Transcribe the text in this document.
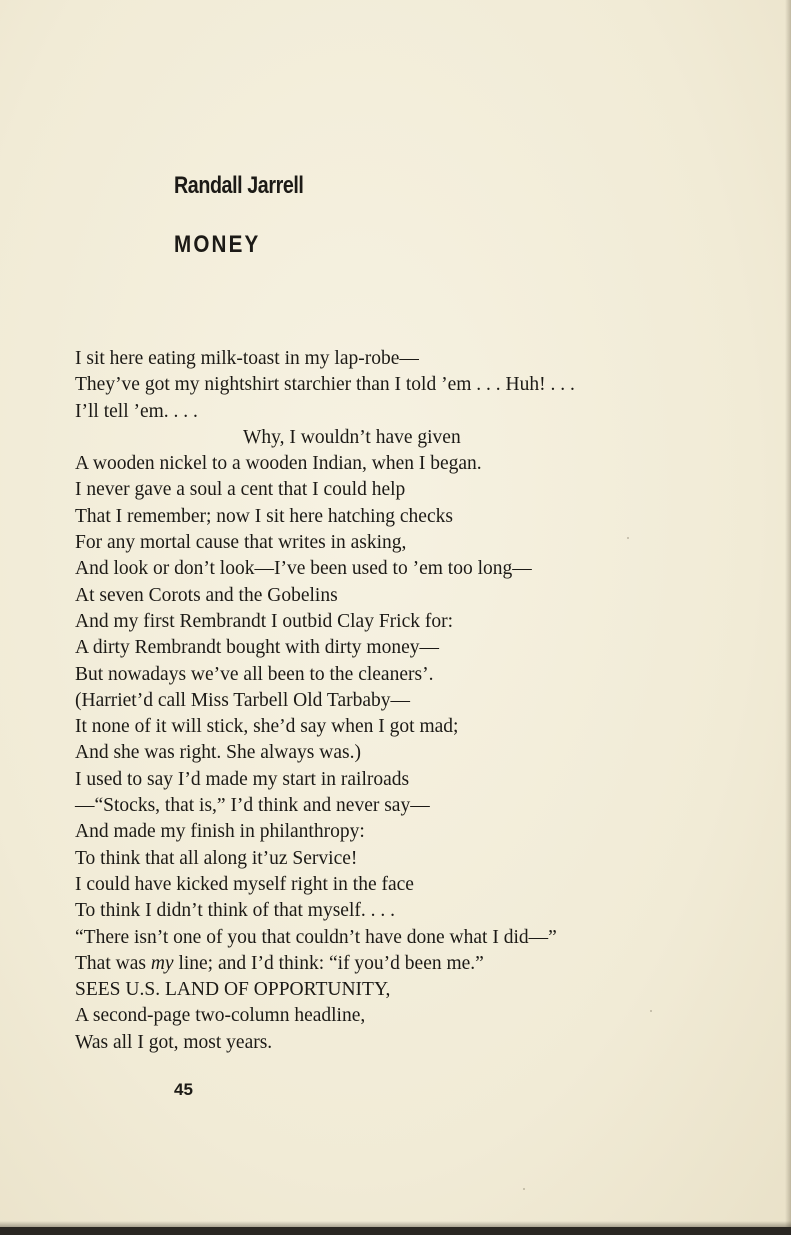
Randall Jarrell
MONEY
I sit here eating milk-toast in my lap-robe—
They’ve got my nightshirt starchier than I told ’em . . . Huh! . . .
I’ll tell ’em. . . .
Why, I wouldn’t have given
A wooden nickel to a wooden Indian, when I began.
I never gave a soul a cent that I could help
That I remember; now I sit here hatching checks
For any mortal cause that writes in asking,
And look or don’t look—I’ve been used to ’em too long—
At seven Corots and the Gobelins
And my first Rembrandt I outbid Clay Frick for:
A dirty Rembrandt bought with dirty money—
But nowadays we’ve all been to the cleaners’.
(Harriet’d call Miss Tarbell Old Tarbaby—
It none of it will stick, she’d say when I got mad;
And she was right. She always was.)
I used to say I’d made my start in railroads
—“Stocks, that is,” I’d think and never say—
And made my finish in philanthropy:
To think that all along it’uz Service!
I could have kicked myself right in the face
To think I didn’t think of that myself. . . .
“There isn’t one of you that couldn’t have done what I did—”
That was my line; and I’d think: “if you’d been me.”
SEES U.S. LAND OF OPPORTUNITY,
A second-page two-column headline,
Was all I got, most years.
45
